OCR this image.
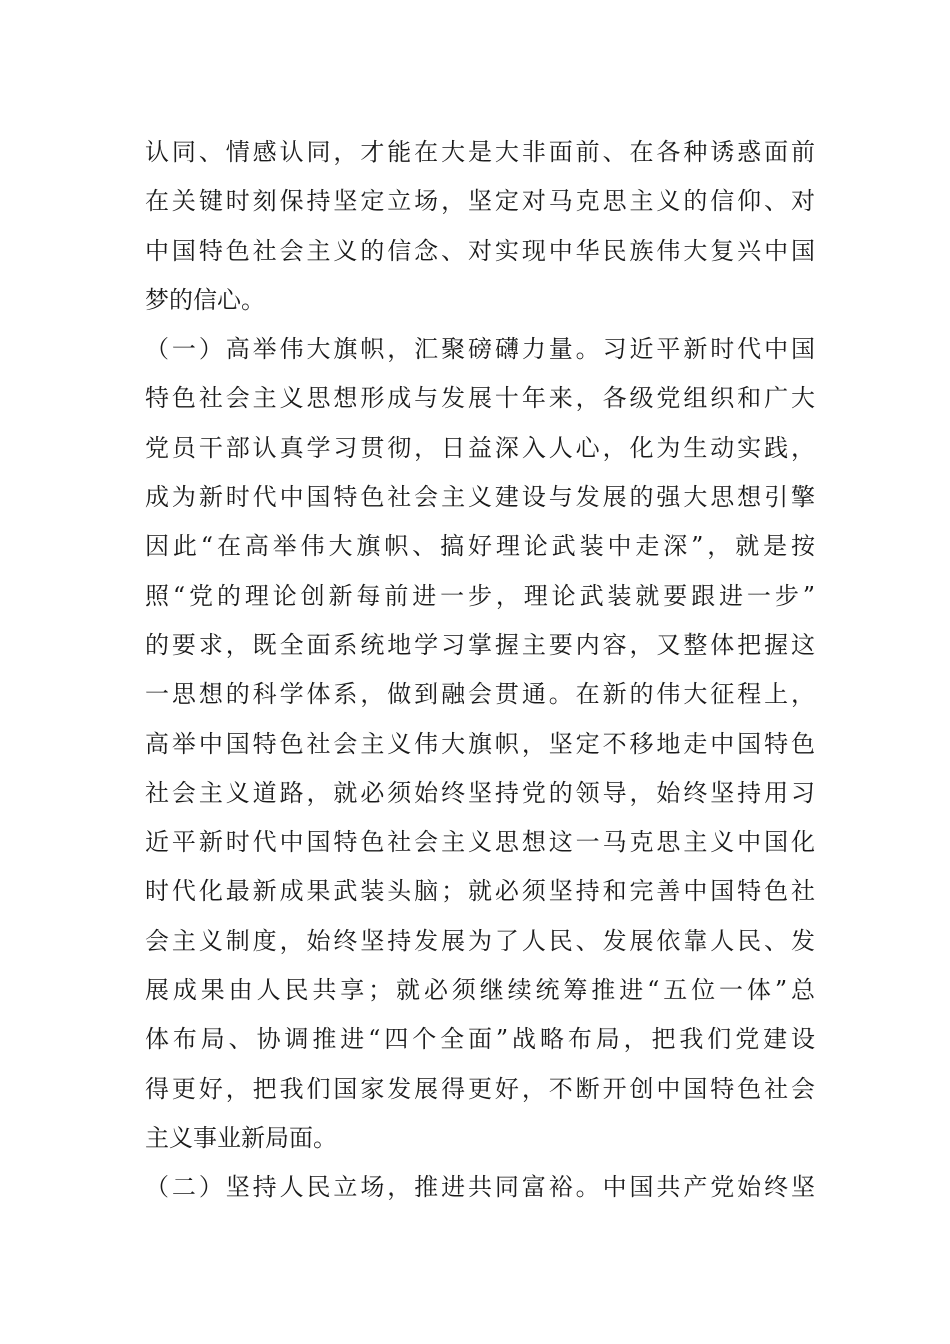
认同、情感认同，才能在大是大非面前、在各种诱惑面前
在关键时刻保持坚定立场，坚定对马克思主义的信仰、对
中国特色社会主义的信念、对实现中华民族伟大复兴中国
梦的信心。
（一）高举伟大旗帜，汇聚磅礴力量。习近平新时代中国
特色社会主义思想形成与发展十年来，各级党组织和广大
党员干部认真学习贯彻，日益深入人心，化为生动实践，
成为新时代中国特色社会主义建设与发展的强大思想引擎
因此“在高举伟大旗帜、搞好理论武装中走深”，就是按
照“党的理论创新每前进一步，理论武装就要跟进一步”
的要求，既全面系统地学习掌握主要内容，又整体把握这
一思想的科学体系，做到融会贯通。在新的伟大征程上，
高举中国特色社会主义伟大旗帜，坚定不移地走中国特色
社会主义道路，就必须始终坚持党的领导，始终坚持用习
近平新时代中国特色社会主义思想这一马克思主义中国化
时代化最新成果武装头脑；就必须坚持和完善中国特色社
会主义制度，始终坚持发展为了人民、发展依靠人民、发
展成果由人民共享；就必须继续统筹推进“五位一体”总
体布局、协调推进“四个全面”战略布局，把我们党建设
得更好，把我们国家发展得更好，不断开创中国特色社会
主义事业新局面。
（二）坚持人民立场，推进共同富裕。中国共产党始终坚
